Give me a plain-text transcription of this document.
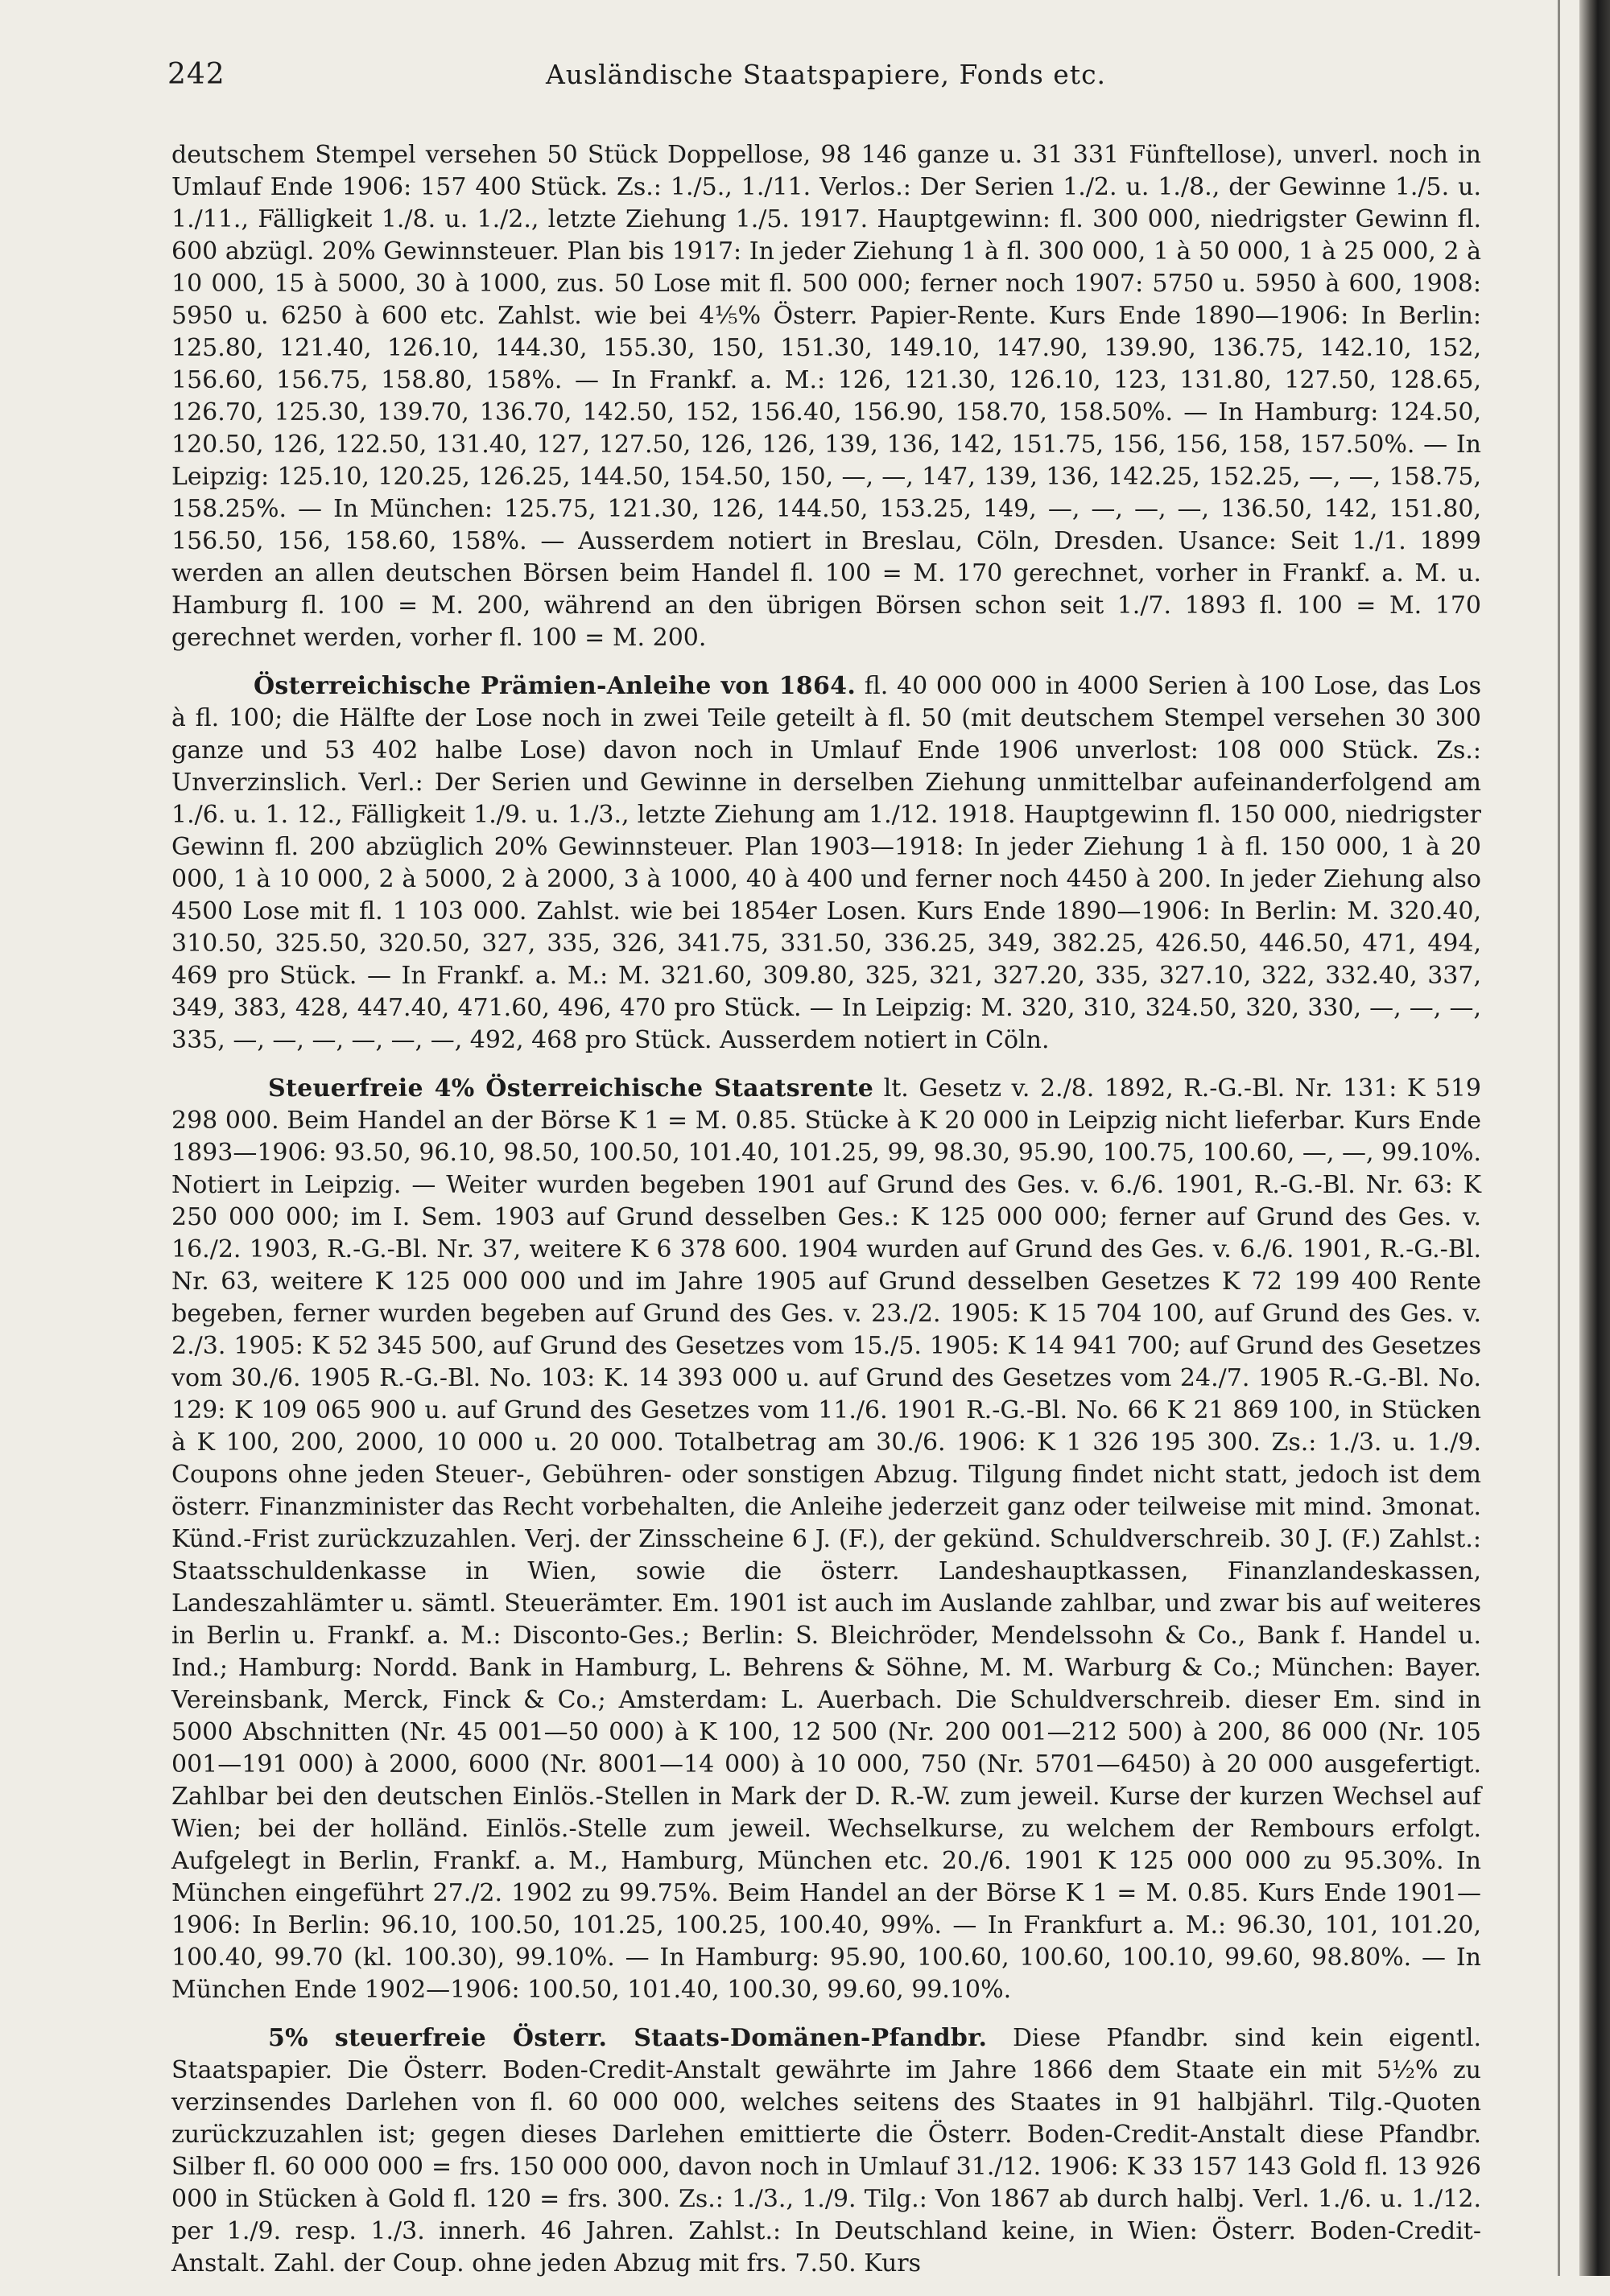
242	Ausländische Staatspapiere, Fonds etc.

deutschem Stempel versehen 50 Stück Doppellose, 98 146 ganze u. 31 331 Fünftellose), unverl. noch in Umlauf Ende 1906: 157 400 Stück. Zs.: 1./5., 1./11. Verlos.: Der Serien 1./2. u. 1./8., der Gewinne 1./5. u. 1./11., Fälligkeit 1./8. u. 1./2., letzte Ziehung 1./5. 1917. Hauptgewinn: fl. 300 000, niedrigster Gewinn fl. 600 abzügl. 20% Gewinnsteuer. Plan bis 1917: In jeder Ziehung 1 à fl. 300 000, 1 à 50 000, 1 à 25 000, 2 à 10 000, 15 à 5000, 30 à 1000, zus. 50 Lose mit fl. 500 000; ferner noch 1907: 5750 u. 5950 à 600, 1908: 5950 u. 6250 à 600 etc. Zahlst. wie bei 4⅕% Österr. Papier-Rente. Kurs Ende 1890—1906: In Berlin: 125.80, 121.40, 126.10, 144.30, 155.30, 150, 151.30, 149.10, 147.90, 139.90, 136.75, 142.10, 152, 156.60, 156.75, 158.80, 158%. — In Frankf. a. M.: 126, 121.30, 126.10, 123, 131.80, 127.50, 128.65, 126.70, 125.30, 139.70, 136.70, 142.50, 152, 156.40, 156.90, 158.70, 158.50%. — In Hamburg: 124.50, 120.50, 126, 122.50, 131.40, 127, 127.50, 126, 126, 139, 136, 142, 151.75, 156, 156, 158, 157.50%. — In Leipzig: 125.10, 120.25, 126.25, 144.50, 154.50, 150, —, —, 147, 139, 136, 142.25, 152.25, —, —, 158.75, 158.25%. — In München: 125.75, 121.30, 126, 144.50, 153.25, 149, —, —, —, —, 136.50, 142, 151.80, 156.50, 156, 158.60, 158%. — Ausserdem notiert in Breslau, Cöln, Dresden. Usance: Seit 1./1. 1899 werden an allen deutschen Börsen beim Handel fl. 100 = M. 170 gerechnet, vorher in Frankf. a. M. u. Hamburg fl. 100 = M. 200, während an den übrigen Börsen schon seit 1./7. 1893 fl. 100 = M. 170 gerechnet werden, vorher fl. 100 = M. 200.

Österreichische Prämien-Anleihe von 1864. fl. 40 000 000 in 4000 Serien à 100 Lose, das Los à fl. 100; die Hälfte der Lose noch in zwei Teile geteilt à fl. 50 (mit deutschem Stempel versehen 30 300 ganze und 53 402 halbe Lose) davon noch in Umlauf Ende 1906 unverlost: 108 000 Stück. Zs.: Unverzinslich. Verl.: Der Serien und Gewinne in derselben Ziehung unmittelbar aufeinanderfolgend am 1./6. u. 1. 12., Fälligkeit 1./9. u. 1./3., letzte Ziehung am 1./12. 1918. Hauptgewinn fl. 150 000, niedrigster Gewinn fl. 200 abzüglich 20% Gewinnsteuer. Plan 1903—1918: In jeder Ziehung 1 à fl. 150 000, 1 à 20 000, 1 à 10 000, 2 à 5000, 2 à 2000, 3 à 1000, 40 à 400 und ferner noch 4450 à 200. In jeder Ziehung also 4500 Lose mit fl. 1 103 000. Zahlst. wie bei 1854er Losen. Kurs Ende 1890—1906: In Berlin: M. 320.40, 310.50, 325.50, 320.50, 327, 335, 326, 341.75, 331.50, 336.25, 349, 382.25, 426.50, 446.50, 471, 494, 469 pro Stück. — In Frankf. a. M.: M. 321.60, 309.80, 325, 321, 327.20, 335, 327.10, 322, 332.40, 337, 349, 383, 428, 447.40, 471.60, 496, 470 pro Stück. — In Leipzig: M. 320, 310, 324.50, 320, 330, —, —, —, 335, —, —, —, —, —, —, 492, 468 pro Stück. Ausserdem notiert in Cöln.

Steuerfreie 4% Österreichische Staatsrente lt. Gesetz v. 2./8. 1892, R.-G.-Bl. Nr. 131: K 519 298 000. Beim Handel an der Börse K 1 = M. 0.85. Stücke à K 20 000 in Leipzig nicht lieferbar. Kurs Ende 1893—1906: 93.50, 96.10, 98.50, 100.50, 101.40, 101.25, 99, 98.30, 95.90, 100.75, 100.60, —, —, 99.10%. Notiert in Leipzig. — Weiter wurden begeben 1901 auf Grund des Ges. v. 6./6. 1901, R.-G.-Bl. Nr. 63: K 250 000 000; im I. Sem. 1903 auf Grund desselben Ges.: K 125 000 000; ferner auf Grund des Ges. v. 16./2. 1903, R.-G.-Bl. Nr. 37, weitere K 6 378 600. 1904 wurden auf Grund des Ges. v. 6./6. 1901, R.-G.-Bl. Nr. 63, weitere K 125 000 000 und im Jahre 1905 auf Grund desselben Gesetzes K 72 199 400 Rente begeben, ferner wurden begeben auf Grund des Ges. v. 23./2. 1905: K 15 704 100, auf Grund des Ges. v. 2./3. 1905: K 52 345 500, auf Grund des Gesetzes vom 15./5. 1905: K 14 941 700; auf Grund des Gesetzes vom 30./6. 1905 R.-G.-Bl. No. 103: K. 14 393 000 u. auf Grund des Gesetzes vom 24./7. 1905 R.-G.-Bl. No. 129: K 109 065 900 u. auf Grund des Gesetzes vom 11./6. 1901 R.-G.-Bl. No. 66 K 21 869 100, in Stücken à K 100, 200, 2000, 10 000 u. 20 000. Totalbetrag am 30./6. 1906: K 1 326 195 300. Zs.: 1./3. u. 1./9. Coupons ohne jeden Steuer-, Gebühren- oder sonstigen Abzug. Tilgung findet nicht statt, jedoch ist dem österr. Finanzminister das Recht vorbehalten, die Anleihe jederzeit ganz oder teilweise mit mind. 3monat. Künd.-Frist zurückzuzahlen. Verj. der Zinsscheine 6 J. (F.), der gekünd. Schuldverschreib. 30 J. (F.) Zahlst.: Staatsschuldenkasse in Wien, sowie die österr. Landeshauptkassen, Finanzlandeskassen, Landeszahlämter u. sämtl. Steuerämter. Em. 1901 ist auch im Auslande zahlbar, und zwar bis auf weiteres in Berlin u. Frankf. a. M.: Disconto-Ges.; Berlin: S. Bleichröder, Mendelssohn & Co., Bank f. Handel u. Ind.; Hamburg: Nordd. Bank in Hamburg, L. Behrens & Söhne, M. M. Warburg & Co.; München: Bayer. Vereinsbank, Merck, Finck & Co.; Amsterdam: L. Auerbach. Die Schuldverschreib. dieser Em. sind in 5000 Abschnitten (Nr. 45 001—50 000) à K 100, 12 500 (Nr. 200 001—212 500) à 200, 86 000 (Nr. 105 001—191 000) à 2000, 6000 (Nr. 8001—14 000) à 10 000, 750 (Nr. 5701—6450) à 20 000 ausgefertigt. Zahlbar bei den deutschen Einlös.-Stellen in Mark der D. R.-W. zum jeweil. Kurse der kurzen Wechsel auf Wien; bei der holländ. Einlös.-Stelle zum jeweil. Wechselkurse, zu welchem der Rembours erfolgt. Aufgelegt in Berlin, Frankf. a. M., Hamburg, München etc. 20./6. 1901 K 125 000 000 zu 95.30%. In München eingeführt 27./2. 1902 zu 99.75%. Beim Handel an der Börse K 1 = M. 0.85. Kurs Ende 1901—1906: In Berlin: 96.10, 100.50, 101.25, 100.25, 100.40, 99%. — In Frankfurt a. M.: 96.30, 101, 101.20, 100.40, 99.70 (kl. 100.30), 99.10%. — In Hamburg: 95.90, 100.60, 100.60, 100.10, 99.60, 98.80%. — In München Ende 1902—1906: 100.50, 101.40, 100.30, 99.60, 99.10%.

5% steuerfreie Österr. Staats-Domänen-Pfandbr. Diese Pfandbr. sind kein eigentl. Staatspapier. Die Österr. Boden-Credit-Anstalt gewährte im Jahre 1866 dem Staate ein mit 5½% zu verzinsendes Darlehen von fl. 60 000 000, welches seitens des Staates in 91 halbjährl. Tilg.-Quoten zurückzuzahlen ist; gegen dieses Darlehen emittierte die Österr. Boden-Credit-Anstalt diese Pfandbr. Silber fl. 60 000 000 = frs. 150 000 000, davon noch in Umlauf 31./12. 1906: K 33 157 143 Gold fl. 13 926 000 in Stücken à Gold fl. 120 = frs. 300. Zs.: 1./3., 1./9. Tilg.: Von 1867 ab durch halbj. Verl. 1./6. u. 1./12. per 1./9. resp. 1./3. innerh. 46 Jahren. Zahlst.: In Deutschland keine, in Wien: Österr. Boden-Credit-Anstalt. Zahl. der Coup. ohne jeden Abzug mit frs. 7.50. Kurs
